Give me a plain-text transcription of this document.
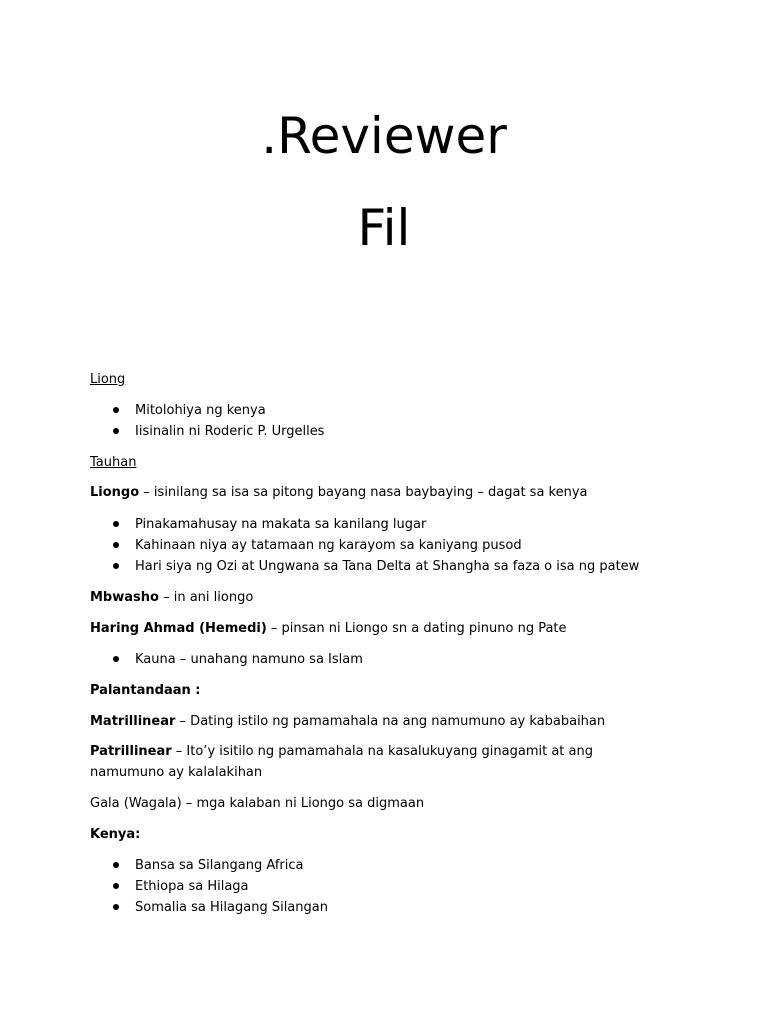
.Reviewer
Fil

Liong

Mitolohiya ng kenya
Iisinalin ni Roderic P. Urgelles

Tauhan

Liongo – isinilang sa isa sa pitong bayang nasa baybaying – dagat sa kenya

Pinakamahusay na makata sa kanilang lugar
Kahinaan niya ay tatamaan ng karayom sa kaniyang pusod
Hari siya ng Ozi at Ungwana sa Tana Delta at Shangha sa faza o isa ng patew

Mbwasho – in ani liongo

Haring Ahmad (Hemedi) – pinsan ni Liongo sn a dating pinuno ng Pate

Kauna – unahang namuno sa Islam

Palantandaan :

Matrillinear – Dating istilo ng pamamahala na ang namumuno ay kababaihan

Patrillinear – Ito’y isitilo ng pamamahala na kasalukuyang ginagamit at ang namumuno ay kalalakihan

Gala (Wagala) – mga kalaban ni Liongo sa digmaan

Kenya:

Bansa sa Silangang Africa
Ethiopa sa Hilaga
Somalia sa Hilagang Silangan
